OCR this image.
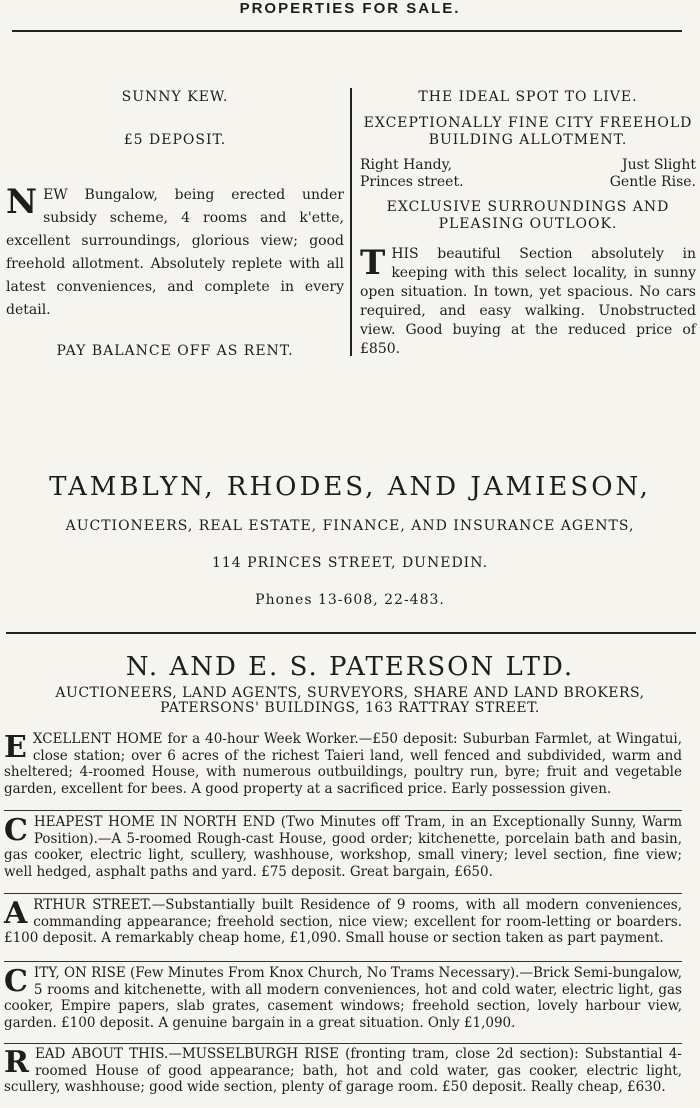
PROPERTIES FOR SALE.
SUNNY KEW.
£5 DEPOSIT.
NEW Bungalow, being erected under subsidy scheme, 4 rooms and k'ette, excellent surroundings, glorious view; good freehold allotment. Absolutely replete with all latest conveniences, and complete in every detail.
PAY BALANCE OFF AS RENT.
THE IDEAL SPOT TO LIVE.
EXCEPTIONALLY FINE CITY FREEHOLD BUILDING ALLOTMENT.
Right Handy,
Princes street.
Just Slight
Gentle Rise.
EXCLUSIVE SURROUNDINGS AND PLEASING OUTLOOK.
THIS beautiful Section absolutely in keeping with this select locality, in sunny open situation. In town, yet spacious. No cars required, and easy walking. Unobstructed view. Good buying at the reduced price of £850.
TAMBLYN, RHODES, AND JAMIESON,
AUCTIONEERS, REAL ESTATE, FINANCE, AND INSURANCE AGENTS,
114 PRINCES STREET, DUNEDIN.
Phones 13-608, 22-483.
N. AND E. S. PATERSON LTD.
AUCTIONEERS, LAND AGENTS, SURVEYORS, SHARE AND LAND BROKERS,
PATERSONS' BUILDINGS, 163 RATTRAY STREET.
EXCELLENT HOME for a 40-hour Week Worker.—£50 deposit: Suburban Farmlet, at Wingatui, close station; over 6 acres of the richest Taieri land, well fenced and subdivided, warm and sheltered; 4-roomed House, with numerous outbuildings, poultry run, byre; fruit and vegetable garden, excellent for bees. A good property at a sacrificed price. Early possession given.
CHEAPEST HOME IN NORTH END (Two Minutes off Tram, in an Exceptionally Sunny, Warm Position).—A 5-roomed Rough-cast House, good order; kitchenette, porcelain bath and basin, gas cooker, electric light, scullery, washhouse, workshop, small vinery; level section, fine view; well hedged, asphalt paths and yard. £75 deposit. Great bargain, £650.
ARTHUR STREET.—Substantially built Residence of 9 rooms, with all modern conveniences, commanding appearance; freehold section, nice view; excellent for room-letting or boarders. £100 deposit. A remarkably cheap home, £1,090. Small house or section taken as part payment.
CITY, ON RISE (Few Minutes From Knox Church, No Trams Necessary).—Brick Semi-bungalow, 5 rooms and kitchenette, with all modern conveniences, hot and cold water, electric light, gas cooker, Empire papers, slab grates, casement windows; freehold section, lovely harbour view, garden. £100 deposit. A genuine bargain in a great situation. Only £1,090.
READ ABOUT THIS.—MUSSELBURGH RISE (fronting tram, close 2d section): Substantial 4-roomed House of good appearance; bath, hot and cold water, gas cooker, electric light, scullery, washhouse; good wide section, plenty of garage room. £50 deposit. Really cheap, £630.
